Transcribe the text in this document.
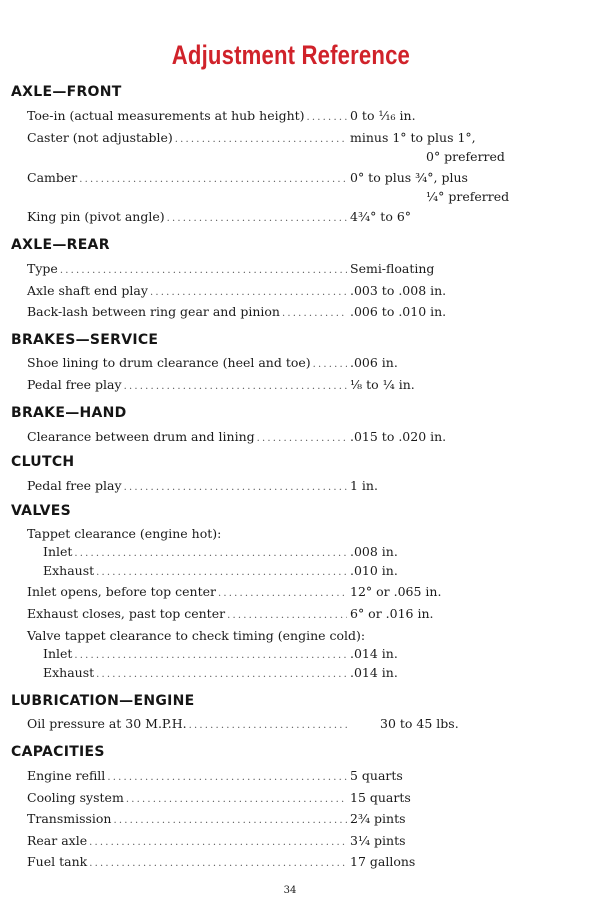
Adjustment Reference
AXLE—FRONT
Toe-in (actual measurements at hub height) .....	0 to ¹⁄₁₆ in.
Caster (not adjustable) .....	minus 1° to plus 1°,
0° preferred
Camber .....	0° to plus ¾°, plus
¼° preferred
King pin (pivot angle) .....	4¾° to 6°
AXLE—REAR
Type .....	Semi-floating
Axle shaft end play .....	.003 to .008 in.
Back-lash between ring gear and pinion .....	.006 to .010 in.
BRAKES—SERVICE
Shoe lining to drum clearance (heel and toe) .....	.006 in.
Pedal free play .....	⅛ to ¼ in.
BRAKE—HAND
Clearance between drum and lining .....	.015 to .020 in.
CLUTCH
Pedal free play .....	1 in.
VALVES
Tappet clearance (engine hot):
Inlet .....	.008 in.
Exhaust .....	.010 in.
Inlet opens, before top center .....	12° or .065 in.
Exhaust closes, past top center .....	6° or .016 in.
Valve tappet clearance to check timing (engine cold):
Inlet .....	.014 in.
Exhaust .....	.014 in.
LUBRICATION—ENGINE
Oil pressure at 30 M.P.H. .....	30 to 45 lbs.
CAPACITIES
Engine refill .....	5 quarts
Cooling system .....	15 quarts
Transmission .....	2¾ pints
Rear axle .....	3¼ pints
Fuel tank .....	17 gallons
34
